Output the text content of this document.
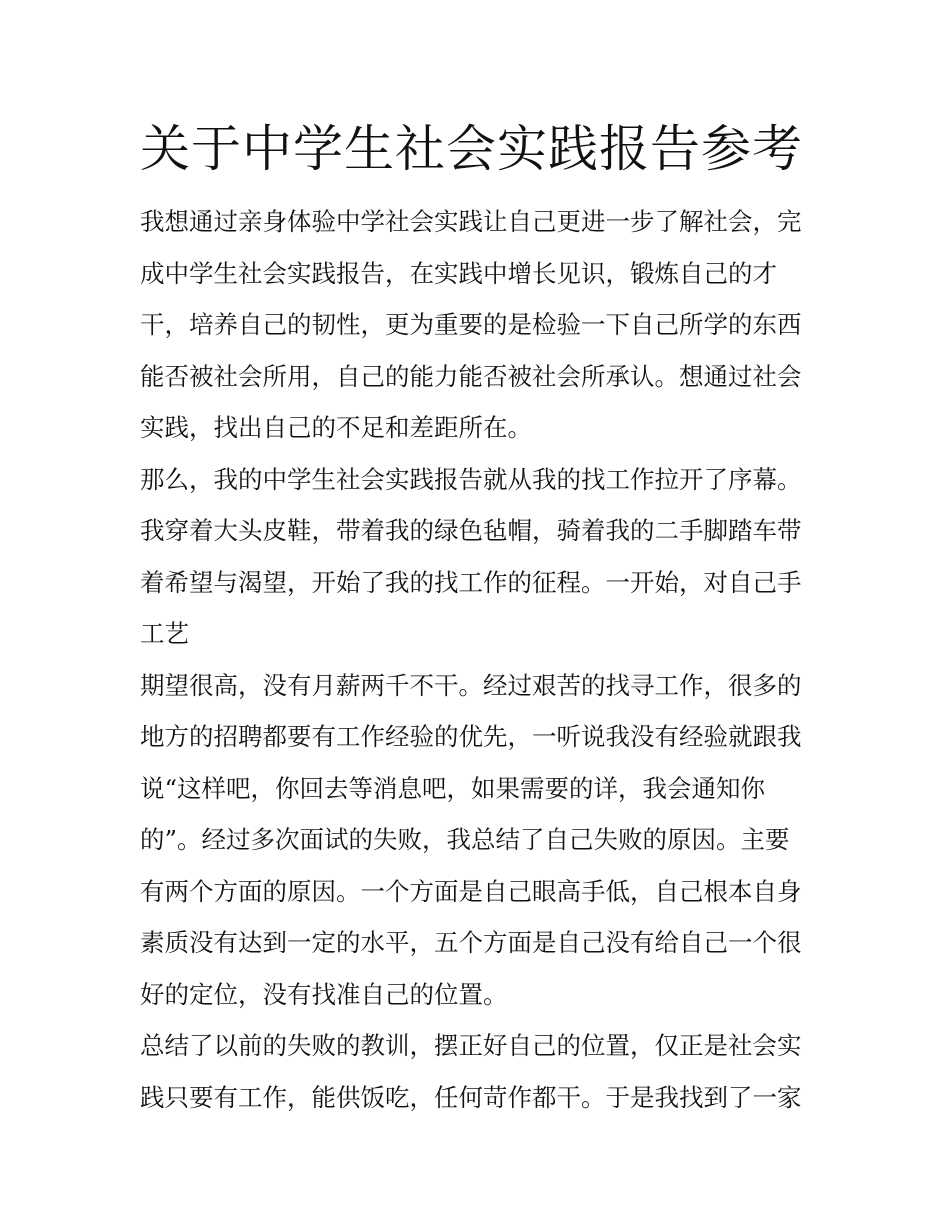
关于中学生社会实践报告参考
我想通过亲身体验中学社会实践让自己更进一步了解社会，完
成中学生社会实践报告，在实践中增长见识，锻炼自己的才
干，培养自己的韧性，更为重要的是检验一下自己所学的东西
能否被社会所用，自己的能力能否被社会所承认。想通过社会
实践，找出自己的不足和差距所在。
那么，我的中学生社会实践报告就从我的找工作拉开了序幕。
我穿着大头皮鞋，带着我的绿色毡帽，骑着我的二手脚踏车带
着希望与渴望，开始了我的找工作的征程。一开始，对自己手
工艺
期望很高，没有月薪两千不干。经过艰苦的找寻工作，很多的
地方的招聘都要有工作经验的优先，一听说我没有经验就跟我
说“这样吧，你回去等消息吧，如果需要的详，我会通知你
的”。经过多次面试的失败，我总结了自己失败的原因。主要
有两个方面的原因。一个方面是自己眼高手低，自己根本自身
素质没有达到一定的水平，五个方面是自己没有给自己一个很
好的定位，没有找准自己的位置。
总结了以前的失败的教训，摆正好自己的位置，仅正是社会实
践只要有工作，能供饭吃，任何苛作都干。于是我找到了一家
